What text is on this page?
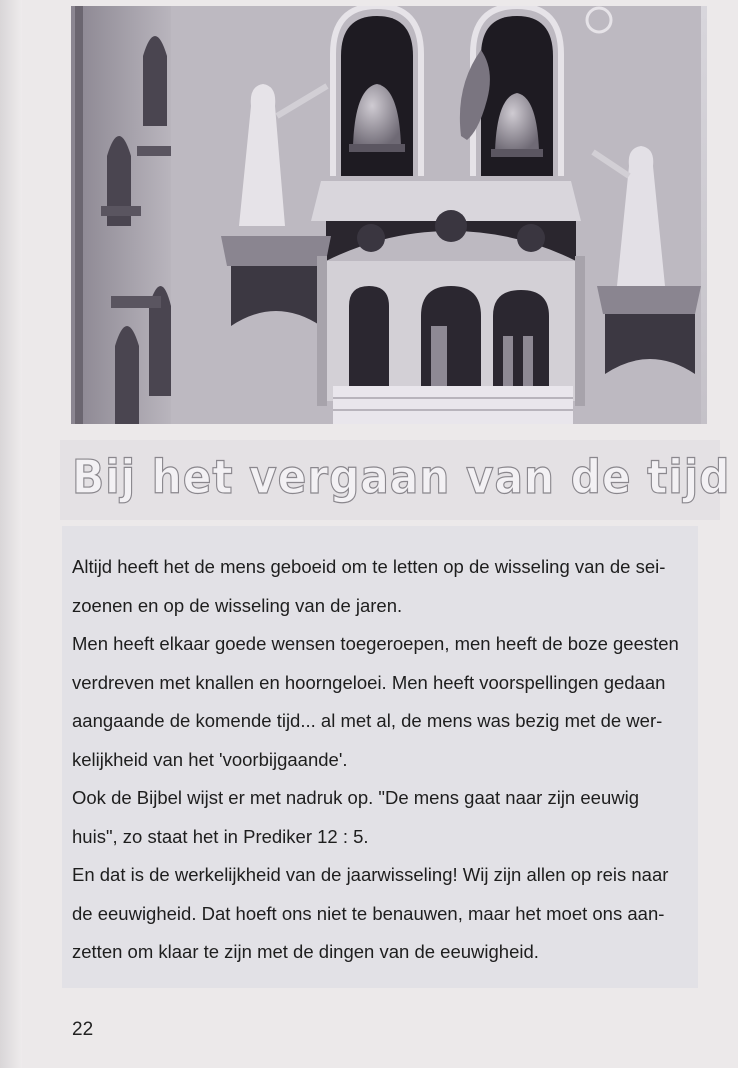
Bij het vergaan van de tijd

Altijd heeft het de mens geboeid om te letten op de wisseling van de sei-
zoenen en op de wisseling van de jaren.

Men heeft elkaar goede wensen toegeroepen, men heeft de boze geesten
verdreven met knallen en hoorngeloei. Men heeft voorspellingen gedaan
aangaande de komende tijd... al met al, de mens was bezig met de wer-
kelijkheid van het 'voorbijgaande'.

Ook de Bijbel wijst er met nadruk op. "De mens gaat naar zijn eeuwig
huis", zo staat het in Prediker 12 : 5.

En dat is de werkelijkheid van de jaarwisseling! Wij zijn allen op reis naar
de eeuwigheid. Dat hoeft ons niet te benauwen, maar het moet ons aan-
zetten om klaar te zijn met de dingen van de eeuwigheid.

22
